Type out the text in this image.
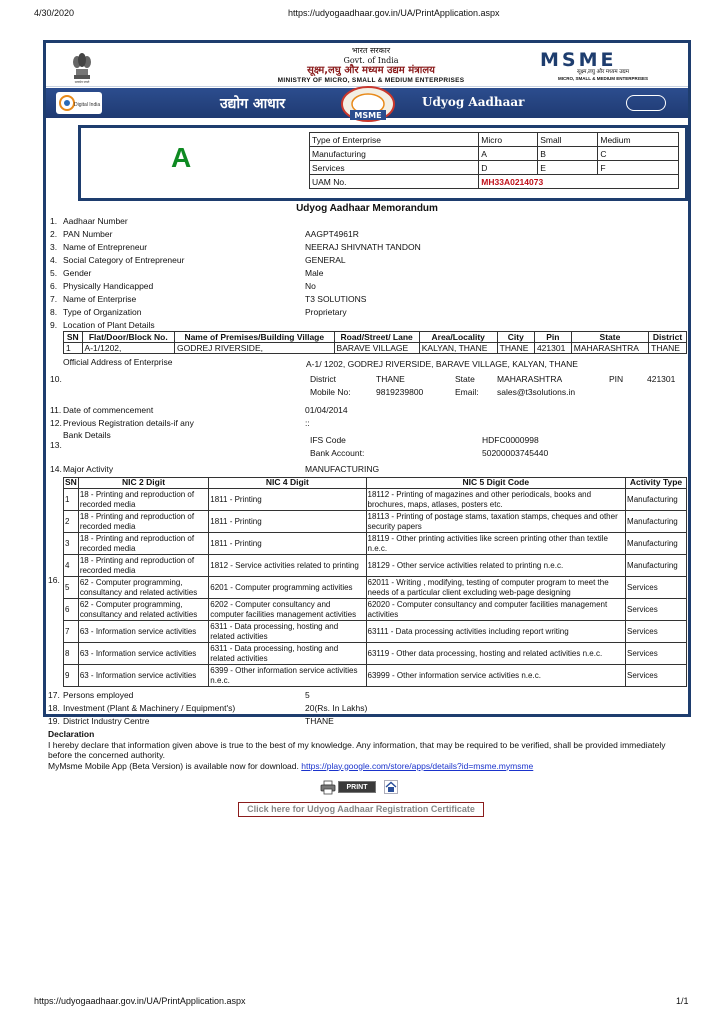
4/30/2020	https://udyogaadhaar.gov.in/UA/PrintApplication.aspx
सत्यमेव जयते
भारत सरकार
Govt. of India
सूक्ष्म,लघु और मध्यम उद्यम मंत्रालय
MINISTRY OF MICRO, SMALL & MEDIUM ENTERPRISES
MSME
सूक्ष्म,लघु और मध्यम उद्यम
MICRO, SMALL & MEDIUM ENTERPRISES
Digital India	उद्योग आधार
MSME
Udyog Aadhaar
A
Type of Enterprise	Micro	Small	Medium
Manufacturing	A	B	C
Services	D	E	F
UAM No.	MH33A0214073		
Udyog Aadhaar Memorandum
1. Aadhaar Number
2. PAN Number	AAGPT4961R
3. Name of Entrepreneur	NEERAJ SHIVNATH TANDON
4. Social Category of Entrepreneur	GENERAL
5. Gender	Male
6. Physically Handicapped	No
7. Name of Enterprise	T3 SOLUTIONS
8. Type of Organization	Proprietary
9. Location of Plant Details
SN	Flat/Door/Block No.	Name of Premises/Building Village	Road/Street/ Lane	Area/Locality	City	Pin	State	District
1	A-1/1202,	GODREJ RIVERSIDE,	BARAVE VILLAGE	KALYAN, THANE	THANE	421301	MAHARASHTRA	THANE
Official Address of Enterprise	A-1/ 1202, GODREJ RIVERSIDE, BARAVE VILLAGE, KALYAN, THANE
10.	District	THANE	State	MAHARASHTRA	PIN	421301
Mobile No:	9819239800	Email: sales@t3solutions.in
11. Date of commencement	01/04/2014
12. Previous Registration details-if any	::
Bank Details
13.	IFS Code	HDFC0000998
Bank Account:	50200003745440
14. Major Activity	MANUFACTURING
16.
SN	NIC 2 Digit	NIC 4 Digit	NIC 5 Digit Code	Activity Type
1	18 - Printing and reproduction of recorded media	1811 - Printing	18112 - Printing of magazines and other periodicals, books and brochures, maps, atlases, posters etc.	Manufacturing
2	18 - Printing and reproduction of recorded media	1811 - Printing	18113 - Printing of postage stams, taxation stamps, cheques and other security papers	Manufacturing
3	18 - Printing and reproduction of recorded media	1811 - Printing	18119 - Other printing activities like screen printing other than textile n.e.c.	Manufacturing
4	18 - Printing and reproduction of recorded media	1812 - Service activities related to printing	18129 - Other service activities related to printing n.e.c.	Manufacturing
5	62 - Computer programming, consultancy and related activities	6201 - Computer programming activities	62011 - Writing , modifying, testing of computer program to meet the needs of a particular client excluding web-page designing	Services
6	62 - Computer programming, consultancy and related activities	6202 - Computer consultancy and computer facilities management activities	62020 - Computer consultancy and computer facilities management activities	Services
7	63 - Information service activities	6311 - Data processing, hosting and related activities	63111 - Data processing activities including report writing	Services
8	63 - Information service activities	6311 - Data processing, hosting and related activities	63119 - Other data processing, hosting and related activities n.e.c.	Services
9	63 - Information service activities	6399 - Other information service activities n.e.c.	63999 - Other information service activities n.e.c.	Services
17. Persons employed	5
18. Investment (Plant & Machinery / Equipment's)	20(Rs. In Lakhs)
19. District Industry Centre	THANE
Declaration
I hereby declare that information given above is true to the best of my knowledge. Any information, that may be required to be verified, shall be provided immediately before the concerned authority.
MyMsme Mobile App (Beta Version) is available now for download. https://play.google.com/store/apps/details?id=msme.mymsme
PRINT
Click here for Udyog Aadhaar Registration Certificate
https://udyogaadhaar.gov.in/UA/PrintApplication.aspx	1/1
